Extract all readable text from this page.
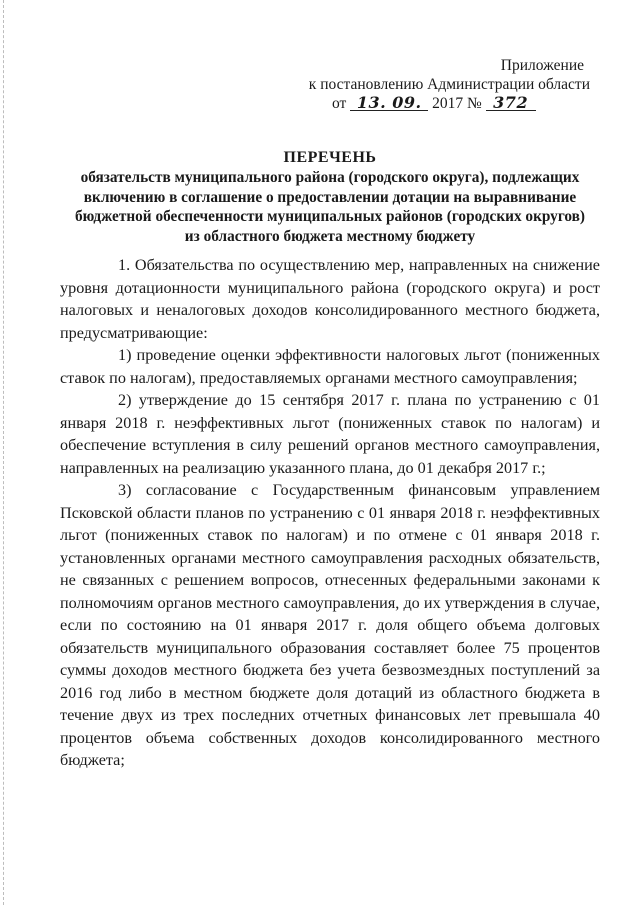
Приложение
к постановлению Администрации области
от 13. 09. 2017 № 372
ПЕРЕЧЕНЬ
обязательств муниципального района (городского округа), подлежащих
включению в соглашение о предоставлении дотации на выравнивание
бюджетной обеспеченности муниципальных районов (городских округов)
из областного бюджета местному бюджету

1. Обязательства по осуществлению мер, направленных на снижение уровня дотационности муниципального района (городского округа) и рост налоговых и неналоговых доходов консолидированного местного бюджета, предусматривающие:

1) проведение оценки эффективности налоговых льгот (пониженных ставок по налогам), предоставляемых органами местного самоуправления;

2) утверждение до 15 сентября 2017 г. плана по устранению с 01 января 2018 г. неэффективных льгот (пониженных ставок по налогам) и обеспечение вступления в силу решений органов местного самоуправления, направленных на реализацию указанного плана, до 01 декабря 2017 г.;

3) согласование с Государственным финансовым управлением Псковской области планов по устранению с 01 января 2018 г. неэффективных льгот (пониженных ставок по налогам) и по отмене с 01 января 2018 г. установленных органами местного самоуправления расходных обязательств, не связанных с решением вопросов, отнесенных федеральными законами к полномочиям органов местного самоуправления, до их утверждения в случае, если по состоянию на 01 января 2017 г. доля общего объема долговых обязательств муниципального образования составляет более 75 процентов суммы доходов местного бюджета без учета безвозмездных поступлений за 2016 год либо в местном бюджете доля дотаций из областного бюджета в течение двух из трех последних отчетных финансовых лет превышала 40 процентов объема собственных доходов консолидированного местного бюджета;
